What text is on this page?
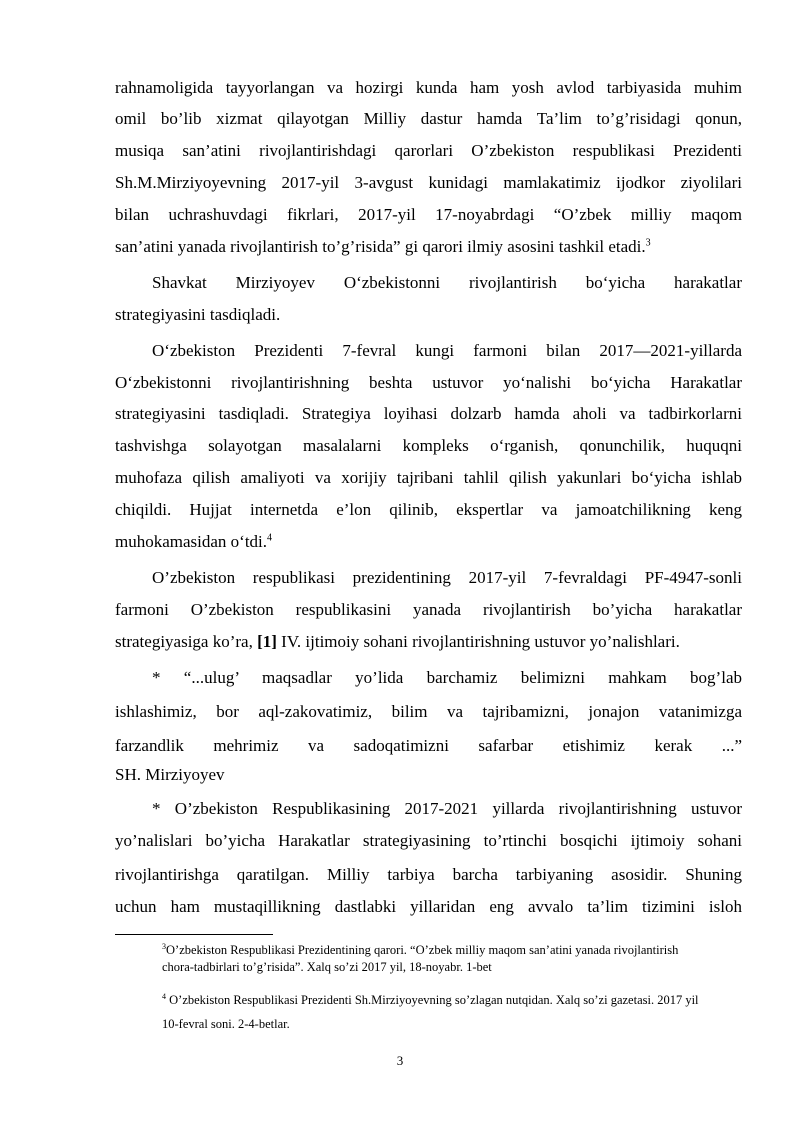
rahnamoligida tayyorlangan va hozirgi kunda ham yosh avlod tarbiyasida muhim
omil bo’lib xizmat qilayotgan Milliy dastur hamda Ta’lim to’g’risidagi qonun,
musiqa san’atini rivojlantirishdagi qarorlari O’zbekiston respublikasi Prezidenti
Sh.M.Mirziyoyevning 2017-yil 3-avgust kunidagi mamlakatimiz ijodkor ziyolilari
bilan uchrashuvdagi fikrlari, 2017-yil 17-noyabrdagi “O’zbek milliy maqom
san’atini yanada rivojlantirish to’g’risida” gi qarori ilmiy asosini tashkil etadi.$^3$
Shavkat Mirziyoyev O‘zbekistonni rivojlantirish bo‘yicha harakatlar
strategiyasini tasdiqladi.
O‘zbekiston Prezidenti 7-fevral kungi farmoni bilan 2017—2021-yillarda
O‘zbekistonni rivojlantirishning beshta ustuvor yo‘nalishi bo‘yicha Harakatlar
strategiyasini tasdiqladi. Strategiya loyihasi dolzarb hamda aholi va tadbirkorlarni
tashvishga solayotgan masalalarni kompleks o‘rganish, qonunchilik, huquqni
muhofaza qilish amaliyoti va xorijiy tajribani tahlil qilish yakunlari bo‘yicha ishlab
chiqildi. Hujjat internetda e’lon qilinib, ekspertlar va jamoatchilikning keng
muhokamasidan o‘tdi.$^4$
O’zbekiston respublikasi prezidentining 2017-yil 7-fevraldagi PF-4947-sonli
farmoni O’zbekiston respublikasini yanada rivojlantirish bo’yicha harakatlar
strategiyasiga ko’ra, [1] IV. ijtimoiy sohani rivojlantirishning ustuvor yo’nalishlari.
* “...ulug’ maqsadlar yo’lida barchamiz belimizni mahkam bog’lab
ishlashimiz, bor aql-zakovatimiz, bilim va tajribamizni, jonajon vatanimizga
farzandlik mehrimiz va sadoqatimizni safarbar etishimiz kerak ...”
SH. Mirziyoyev
* O’zbekiston Respublikasining 2017-2021 yillarda rivojlantirishning ustuvor
yo’nalislari bo’yicha Harakatlar strategiyasining to’rtinchi bosqichi ijtimoiy sohani
rivojlantirishga qaratilgan. Milliy tarbiya barcha tarbiyaning asosidir. Shuning
uchun ham mustaqillikning dastlabki yillaridan eng avvalo ta’lim tizimini isloh
$^3$O’zbekiston Respublikasi Prezidentining qarori. “O’zbek milliy maqom san’atini yanada rivojlantirish
chora-tadbirlari to’g’risida”. Xalq so’zi 2017 yil, 18-noyabr. 1-bet
$^4$ O’zbekiston Respublikasi Prezidenti Sh.Mirziyoyevning so’zlagan nutqidan. Xalq so’zi gazetasi. 2017 yil
10-fevral soni. 2-4-betlar.
3
